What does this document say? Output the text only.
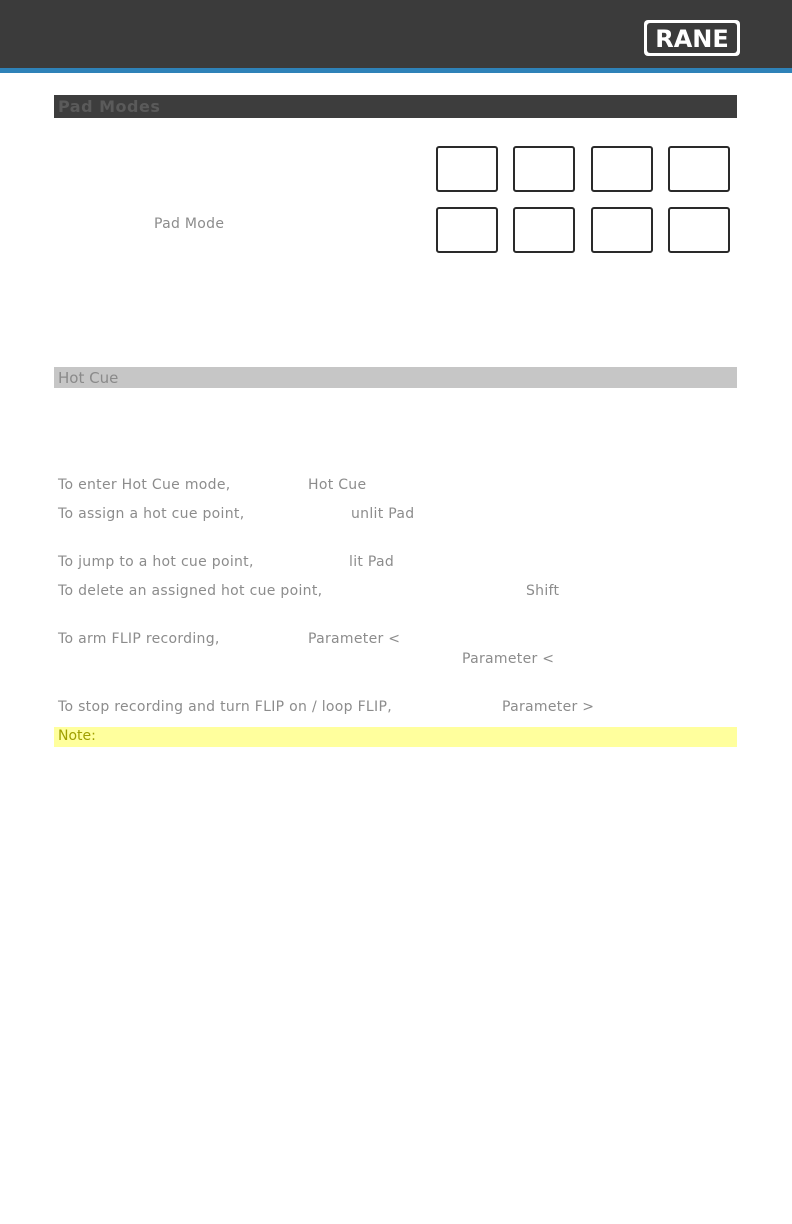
RANE
Pad Modes
Pad Mode
Hot Cue
To enter Hot Cue mode,	Hot Cue
To assign a hot cue point,	unlit Pad
To jump to a hot cue point,	lit Pad
To delete an assigned hot cue point,	Shift
To arm FLIP recording,	Parameter <
Parameter <
To stop recording and turn FLIP on / loop FLIP,	Parameter >
Note:
